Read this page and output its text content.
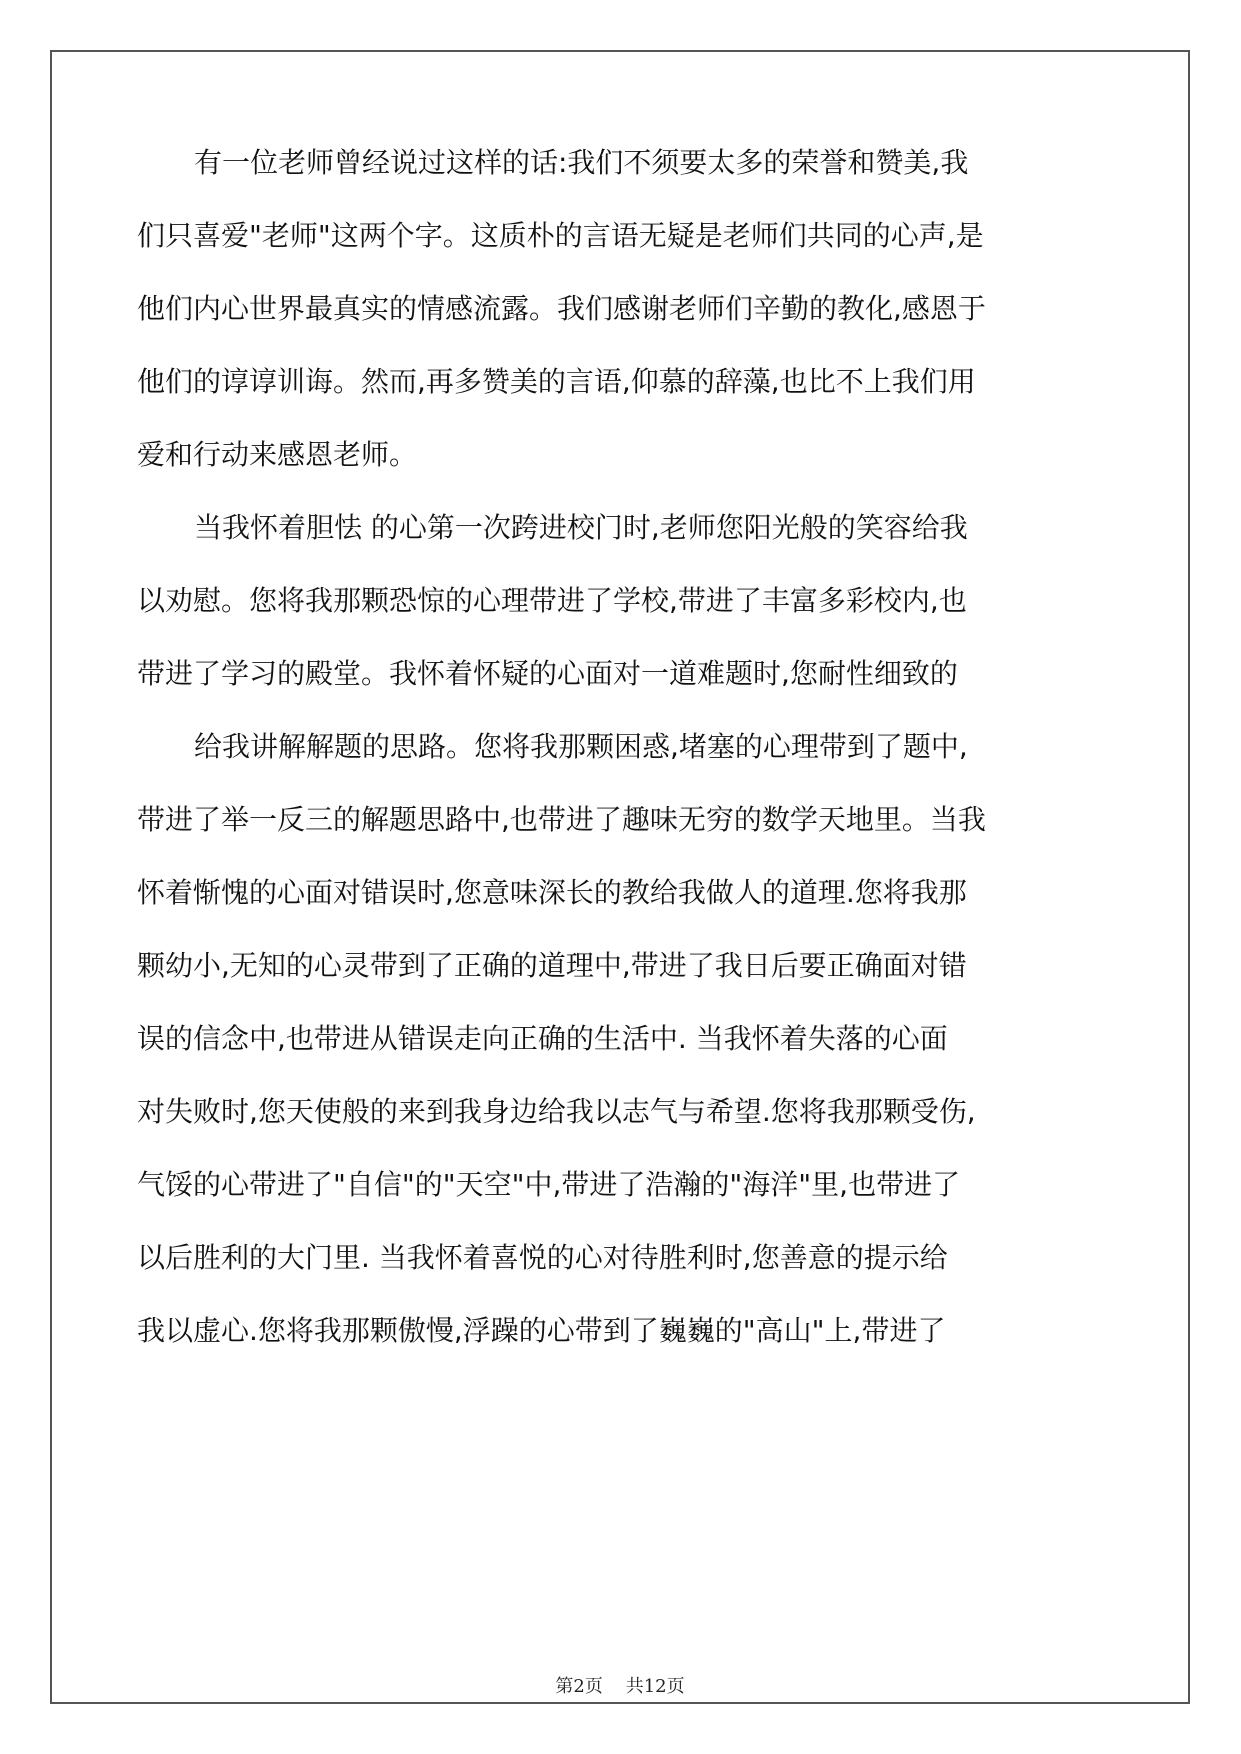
有一位老师曾经说过这样的话:我们不须要太多的荣誉和赞美,我
们只喜爱"老师"这两个字。这质朴的言语无疑是老师们共同的心声,是
他们内心世界最真实的情感流露。我们感谢老师们辛勤的教化,感恩于
他们的谆谆训诲。然而,再多赞美的言语,仰慕的辞藻,也比不上我们用
爱和行动来感恩老师。
当我怀着胆怯 的心第一次跨进校门时,老师您阳光般的笑容给我
以劝慰。您将我那颗恐惊的心理带进了学校,带进了丰富多彩校内,也
带进了学习的殿堂。我怀着怀疑的心面对一道难题时,您耐性细致的
给我讲解解题的思路。您将我那颗困惑,堵塞的心理带到了题中,
带进了举一反三的解题思路中,也带进了趣味无穷的数学天地里。当我
怀着惭愧的心面对错误时,您意味深长的教给我做人的道理.您将我那
颗幼小,无知的心灵带到了正确的道理中,带进了我日后要正确面对错
误的信念中,也带进从错误走向正确的生活中. 当我怀着失落的心面
对失败时,您天使般的来到我身边给我以志气与希望.您将我那颗受伤,
气馁的心带进了"自信"的"天空"中,带进了浩瀚的"海洋"里,也带进了
以后胜利的大门里. 当我怀着喜悦的心对待胜利时,您善意的提示给
我以虚心.您将我那颗傲慢,浮躁的心带到了巍巍的"高山"上,带进了
第2页 共12页
